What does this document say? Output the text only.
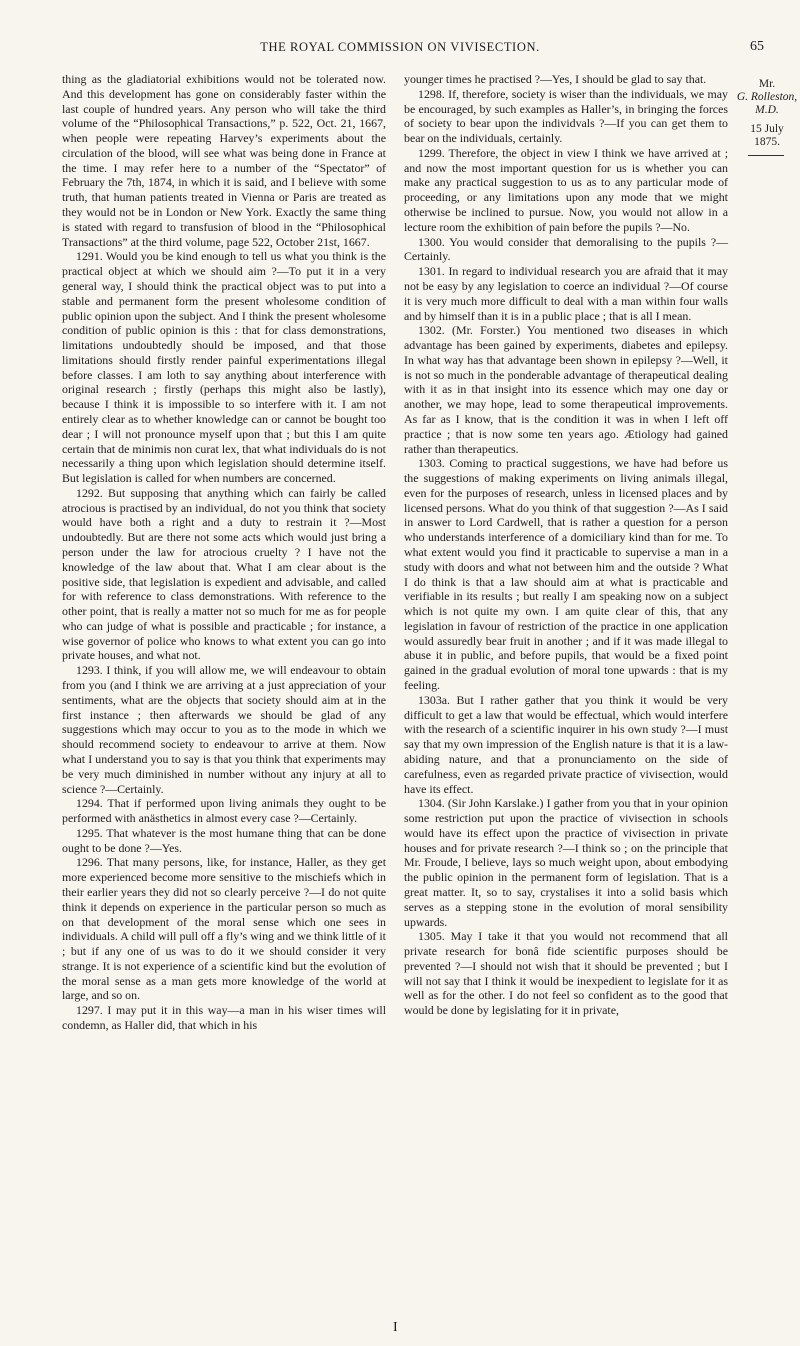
THE ROYAL COMMISSION ON VIVISECTION.	65

thing as the gladiatorial exhibitions would not be tolerated now. And this development has gone on considerably faster within the last couple of hundred years. Any person who will take the third volume of the “Philosophical Transactions,” p. 522, Oct. 21, 1667, when people were repeating Harvey’s experiments about the circulation of the blood, will see what was being done in France at the time. I may refer here to a number of the “Spectator” of February the 7th, 1874, in which it is said, and I believe with some truth, that human patients treated in Vienna or Paris are treated as they would not be in London or New York. Exactly the same thing is stated with regard to transfusion of blood in the “Philosophical Transactions” at the third volume, page 522, October 21st, 1667.

1291. Would you be kind enough to tell us what you think is the practical object at which we should aim ?—To put it in a very general way, I should think the practical object was to put into a stable and permanent form the present wholesome condition of public opinion upon the subject. And I think the present wholesome condition of public opinion is this : that for class demonstrations, limitations undoubtedly should be imposed, and that those limitations should firstly render painful experimentations illegal before classes. I am loth to say anything about interference with original research ; firstly (perhaps this might also be lastly), because I think it is impossible to so interfere with it. I am not entirely clear as to whether knowledge can or cannot be bought too dear ; I will not pronounce myself upon that ; but this I am quite certain that de minimis non curat lex, that what individuals do is not necessarily a thing upon which legislation should determine itself. But legislation is called for when numbers are concerned.

1292. But supposing that anything which can fairly be called atrocious is practised by an individual, do not you think that society would have both a right and a duty to restrain it ?—Most undoubtedly. But are there not some acts which would just bring a person under the law for atrocious cruelty ? I have not the knowledge of the law about that. What I am clear about is the positive side, that legislation is expedient and advisable, and called for with reference to class demonstrations. With reference to the other point, that is really a matter not so much for me as for people who can judge of what is possible and practicable ; for instance, a wise governor of police who knows to what extent you can go into private houses, and what not.

1293. I think, if you will allow me, we will endeavour to obtain from you (and I think we are arriving at a just appreciation of your sentiments, what are the objects that society should aim at in the first instance ; then afterwards we should be glad of any suggestions which may occur to you as to the mode in which we should recommend society to endeavour to arrive at them. Now what I understand you to say is that you think that experiments may be very much diminished in number without any injury at all to science ?—Certainly.

1294. That if performed upon living animals they ought to be performed with anästhetics in almost every case ?—Certainly.

1295. That whatever is the most humane thing that can be done ought to be done ?—Yes.

1296. That many persons, like, for instance, Haller, as they get more experienced become more sensitive to the mischiefs which in their earlier years they did not so clearly perceive ?—I do not quite think it depends on experience in the particular person so much as on that development of the moral sense which one sees in individuals. A child will pull off a fly’s wing and we think little of it ; but if any one of us was to do it we should consider it very strange. It is not experience of a scientific kind but the evolution of the moral sense as a man gets more knowledge of the world at large, and so on.

1297. I may put it in this way—a man in his wiser times will condemn, as Haller did, that which in his

younger times he practised ?—Yes, I should be glad to say that.

1298. If, therefore, society is wiser than the individuals, we may be encouraged, by such examples as Haller’s, in bringing the forces of society to bear upon the individvals ?—If you can get them to bear on the individuals, certainly.

1299. Therefore, the object in view I think we have arrived at ; and now the most important question for us is whether you can make any practical suggestion to us as to any particular mode of proceeding, or any limitations upon any mode that we might otherwise be inclined to pursue. Now, you would not allow in a lecture room the exhibition of pain before the pupils ?—No.

1300. You would consider that demoralising to the pupils ?—Certainly.

1301. In regard to individual research you are afraid that it may not be easy by any legislation to coerce an individual ?—Of course it is very much more difficult to deal with a man within four walls and by himself than it is in a public place ; that is all I mean.

1302. (Mr. Forster.) You mentioned two diseases in which advantage has been gained by experiments, diabetes and epilepsy. In what way has that advantage been shown in epilepsy ?—Well, it is not so much in the ponderable advantage of therapeutical dealing with it as in that insight into its essence which may one day or another, we may hope, lead to some therapeutical improvements. As far as I know, that is the condition it was in when I left off practice ; that is now some ten years ago. Ætiology had gained rather than therapeutics.

1303. Coming to practical suggestions, we have had before us the suggestions of making experiments on living animals illegal, even for the purposes of research, unless in licensed places and by licensed persons. What do you think of that suggestion ?—As I said in answer to Lord Cardwell, that is rather a question for a person who understands interference of a domiciliary kind than for me. To what extent would you find it practicable to supervise a man in a study with doors and what not between him and the outside ? What I do think is that a law should aim at what is practicable and verifiable in its results ; but really I am speaking now on a subject which is not quite my own. I am quite clear of this, that any legislation in favour of restriction of the practice in one application would assuredly bear fruit in another ; and if it was made illegal to abuse it in public, and before pupils, that would be a fixed point gained in the gradual evolution of moral tone upwards : that is my feeling.

1303a. But I rather gather that you think it would be very difficult to get a law that would be effectual, which would interfere with the research of a scientific inquirer in his own study ?—I must say that my own impression of the English nature is that it is a law-abiding nature, and that a pronunciamento on the side of carefulness, even as regarded private practice of vivisection, would have its effect.

1304. (Sir John Karslake.) I gather from you that in your opinion some restriction put upon the practice of vivisection in schools would have its effect upon the practice of vivisection in private houses and for private research ?—I think so ; on the principle that Mr. Froude, I believe, lays so much weight upon, about embodying the public opinion in the permanent form of legislation. That is a great matter. It, so to say, crystalises it into a solid basis which serves as a stepping stone in the evolution of moral sensibility upwards.

1305. May I take it that you would not recommend that all private research for bonâ fide scientific purposes should be prevented ?—I should not wish that it should be prevented ; but I will not say that I think it would be inexpedient to legislate for it as well as for the other. I do not feel so confident as to the good that would be done by legislating for it in private,

Mr.
G. Rolleston,
M.D.
15 July 1875.
I
